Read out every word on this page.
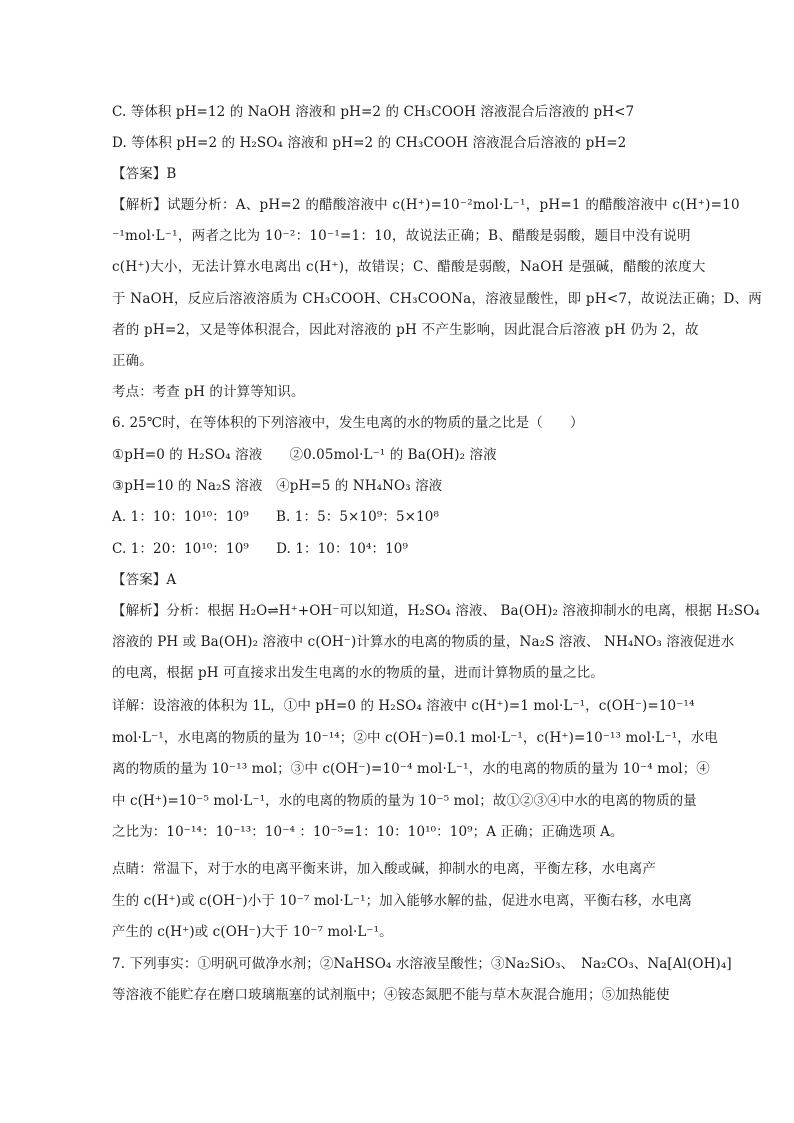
C. 等体积 pH=12 的 NaOH 溶液和 pH=2 的 CH₃COOH 溶液混合后溶液的 pH<7
D. 等体积 pH=2 的 H₂SO₄ 溶液和 pH=2 的 CH₃COOH 溶液混合后溶液的 pH=2
【答案】B
【解析】试题分析：A、pH=2 的醋酸溶液中 c(H⁺)=10⁻²mol·L⁻¹，pH=1 的醋酸溶液中 c(H⁺)=10
⁻¹mol·L⁻¹，两者之比为 10⁻²：10⁻¹=1：10，故说法正确；B、醋酸是弱酸，题目中没有说明
c(H⁺)大小，无法计算水电离出 c(H⁺)，故错误；C、醋酸是弱酸，NaOH 是强碱，醋酸的浓度大
于 NaOH，反应后溶液溶质为 CH₃COOH、CH₃COONa，溶液显酸性，即 pH<7，故说法正确；D、两
者的 pH=2，又是等体积混合，因此对溶液的 pH 不产生影响，因此混合后溶液 pH 仍为 2，故
正确。
考点：考查 pH 的计算等知识。
6. 25℃时，在等体积的下列溶液中，发生电离的水的物质的量之比是（　　）
①pH=0 的 H₂SO₄ 溶液　　②0.05mol·L⁻¹ 的 Ba(OH)₂ 溶液
③pH=10 的 Na₂S 溶液　④pH=5 的 NH₄NO₃ 溶液
A. 1：10：10¹⁰：10⁹　　B. 1：5：5×10⁹：5×10⁸
C. 1：20：10¹⁰：10⁹　　D. 1：10：10⁴：10⁹
【答案】A
【解析】分析：根据 H₂O⇌H⁺+OH⁻可以知道，H₂SO₄ 溶液、 Ba(OH)₂ 溶液抑制水的电离，根据 H₂SO₄
溶液的 PH 或 Ba(OH)₂ 溶液中 c(OH⁻)计算水的电离的物质的量，Na₂S 溶液、 NH₄NO₃ 溶液促进水
的电离，根据 pH 可直接求出发生电离的水的物质的量，进而计算物质的量之比。
详解：设溶液的体积为 1L，①中 pH=0 的 H₂SO₄ 溶液中 c(H⁺)=1 mol·L⁻¹，c(OH⁻)=10⁻¹⁴
mol·L⁻¹，水电离的物质的量为 10⁻¹⁴；②中 c(OH⁻)=0.1 mol·L⁻¹，c(H⁺)=10⁻¹³ mol·L⁻¹，水电
离的物质的量为 10⁻¹³ mol；③中 c(OH⁻)=10⁻⁴ mol·L⁻¹，水的电离的物质的量为 10⁻⁴ mol；④
中 c(H⁺)=10⁻⁵ mol·L⁻¹，水的电离的物质的量为 10⁻⁵ mol；故①②③④中水的电离的物质的量
之比为：10⁻¹⁴：10⁻¹³：10⁻⁴ ：10⁻⁵=1：10：10¹⁰：10⁹；A 正确；正确选项 A。
点睛：常温下，对于水的电离平衡来讲，加入酸或碱，抑制水的电离，平衡左移，水电离产
生的 c(H⁺)或 c(OH⁻)小于 10⁻⁷ mol·L⁻¹；加入能够水解的盐，促进水电离，平衡右移，水电离
产生的 c(H⁺)或 c(OH⁻)大于 10⁻⁷ mol·L⁻¹。
7. 下列事实：①明矾可做净水剂；②NaHSO₄ 水溶液呈酸性；③Na₂SiO₃、　Na₂CO₃、Na[Al(OH)₄]
等溶液不能贮存在磨口玻璃瓶塞的试剂瓶中；④铵态氮肥不能与草木灰混合施用；⑤加热能使
